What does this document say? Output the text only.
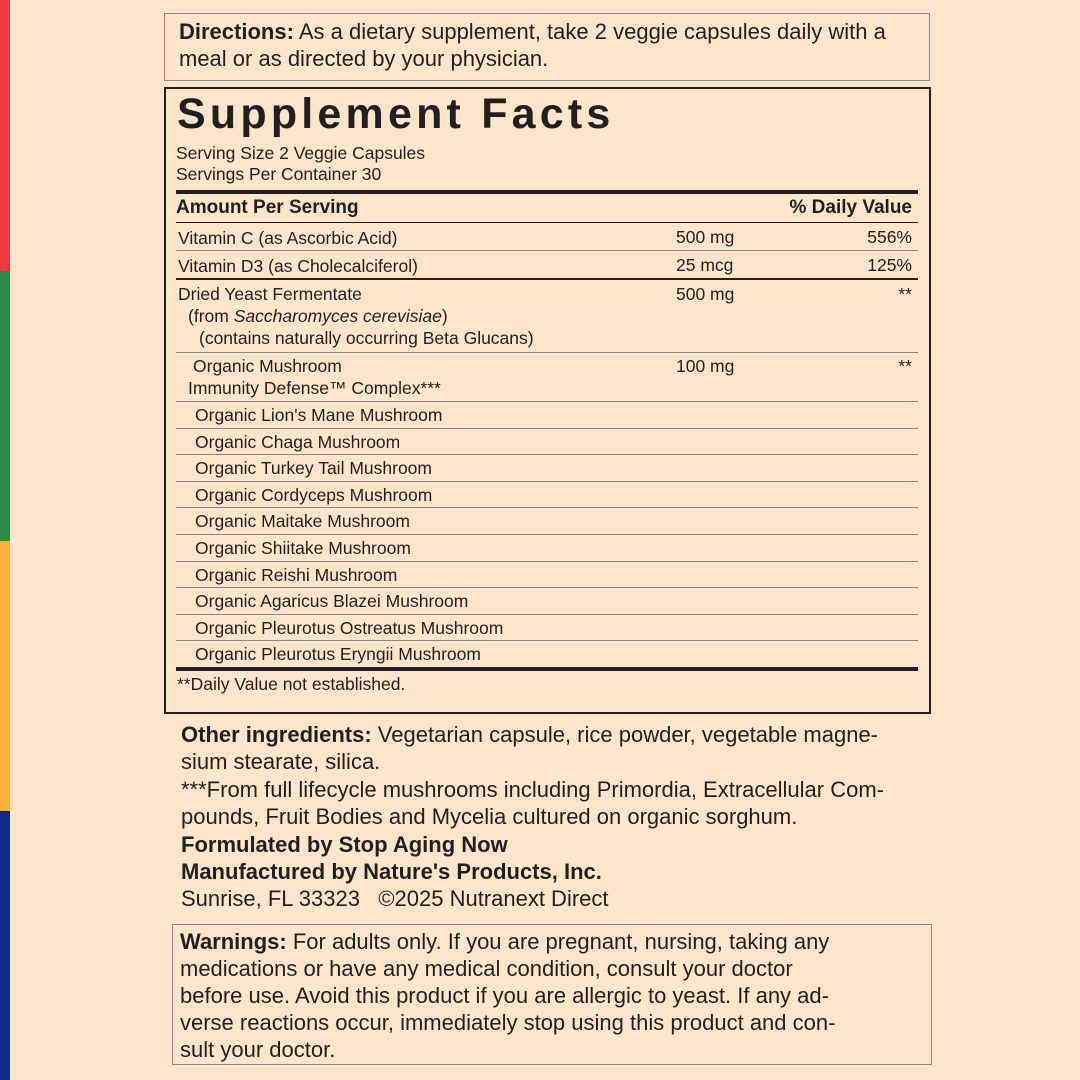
Directions: As a dietary supplement, take 2 veggie capsules daily with a meal or as directed by your physician.
Supplement Facts
Serving Size 2 Veggie Capsules
Servings Per Container 30
Amount Per Serving	% Daily Value
Vitamin C (as Ascorbic Acid)	500 mg	556%
Vitamin D3 (as Cholecalciferol)	25 mcg	125%
Dried Yeast Fermentate
(from Saccharomyces cerevisiae)
(contains naturally occurring Beta Glucans)
500 mg	**
Organic Mushroom
Immunity Defense™ Complex***
100 mg	**
Organic Lion's Mane Mushroom
Organic Chaga Mushroom
Organic Turkey Tail Mushroom
Organic Cordyceps Mushroom
Organic Maitake Mushroom
Organic Shiitake Mushroom
Organic Reishi Mushroom
Organic Agaricus Blazei Mushroom
Organic Pleurotus Ostreatus Mushroom
Organic Pleurotus Eryngii Mushroom
**Daily Value not established.

Other ingredients: Vegetarian capsule, rice powder, vegetable magne-

sium stearate, silica.

***From full lifecycle mushrooms including Primordia, Extracellular Com-

pounds, Fruit Bodies and Mycelia cultured on organic sorghum.

Formulated by Stop Aging Now

Manufactured by Nature's Products, Inc.

Sunrise, FL 33323   ©2025 Nutranext Direct

Warnings: For adults only. If you are pregnant, nursing, taking any
medications or have any medical condition, consult your doctor
before use. Avoid this product if you are allergic to yeast. If any ad-
verse reactions occur, immediately stop using this product and con-
sult your doctor.
